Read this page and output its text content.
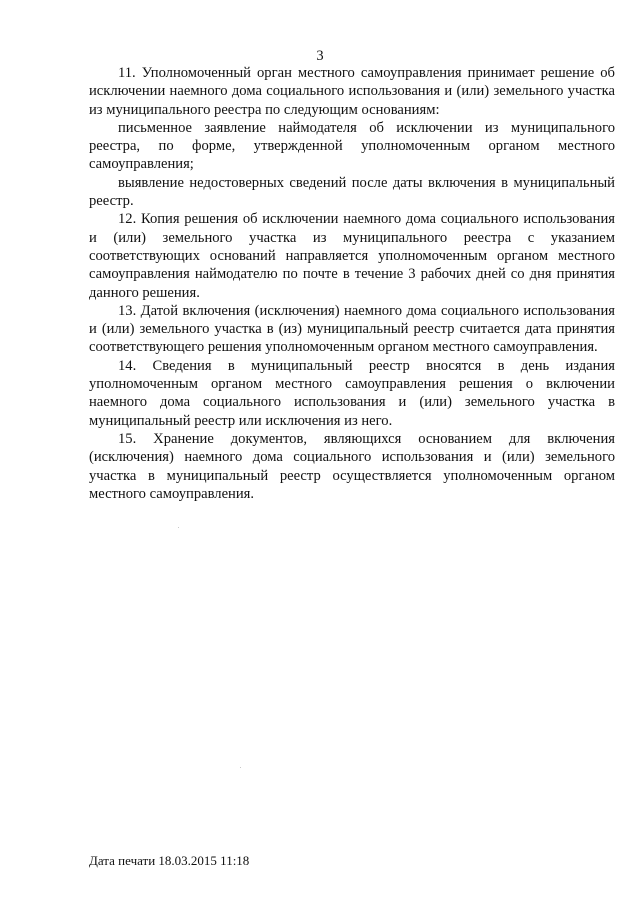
3

11. Уполномоченный орган местного самоуправления принимает решение об исключении наемного дома социального использования и (или) земельного участка из муниципального реестра по следующим основаниям:

письменное заявление наймодателя об исключении из муниципального реестра, по форме, утвержденной уполномоченным органом местного самоуправления;

выявление недостоверных сведений после даты включения в муниципальный реестр.

12. Копия решения об исключении наемного дома социального использования и (или) земельного участка из муниципального реестра с указанием соответствующих оснований направляется уполномоченным органом местного самоуправления наймодателю по почте в течение 3 рабочих дней со дня принятия данного решения.

13. Датой включения (исключения) наемного дома социального использования и (или) земельного участка в (из) муниципальный реестр считается дата принятия соответствующего решения уполномоченным органом местного самоуправления.

14. Сведения в муниципальный реестр вносятся в день издания уполномоченным органом местного самоуправления решения о включении наемного дома социального использования и (или) земельного участка в муниципальный реестр или исключения из него.

15. Хранение документов, являющихся основанием для включения (исключения) наемного дома социального использования и (или) земельного участка в муниципальный реестр осуществляется уполномоченным органом местного самоуправления.

Дата печати 18.03.2015 11:18
